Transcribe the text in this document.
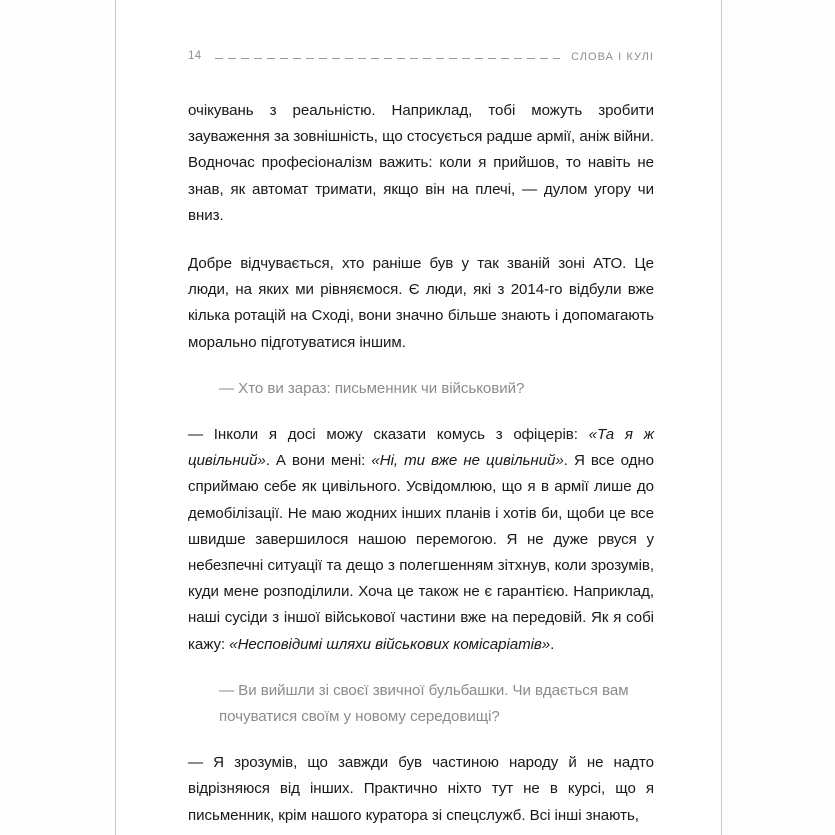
14	СЛОВА І КУЛІ

очікувань з реальністю. Наприклад, тобі можуть зробити зауваження за зовнішність, що стосується радше армії, аніж війни. Водночас професіоналізм важить: коли я прийшов, то навіть не знав, як автомат тримати, якщо він на плечі, — дулом угору чи вниз.

Добре відчувається, хто раніше був у так званій зоні АТО. Це люди, на яких ми рівняємося. Є люди, які з 2014-го відбули вже кілька ротацій на Сході, вони значно більше знають і допомагають морально підготуватися іншим.

— Хто ви зараз: письменник чи військовий?

— Інколи я досі можу сказати комусь з офіцерів: «Та я ж цивільний». А вони мені: «Ні, ти вже не цивільний». Я все одно сприймаю себе як цивільного. Усвідомлюю, що я в армії лише до демобілізації. Не маю жодних інших планів і хотів би, щоби це все швидше завершилося нашою перемогою. Я не дуже рвуся у небезпечні ситуації та дещо з полегшенням зітхнув, коли зрозумів, куди мене розподілили. Хоча це також не є гарантією. Наприклад, наші сусіди з іншої військової частини вже на передовій. Як я собі кажу: «Несповідимі шляхи військових комісаріатів».

— Ви вийшли зі своєї звичної бульбашки. Чи вдається вам почуватися своїм у новому середовищі?

— Я зрозумів, що завжди був частиною народу й не надто відрізняюся від інших. Практично ніхто тут не в курсі, що я письменник, крім нашого куратора зі спецслужб. Всі інші знають,
